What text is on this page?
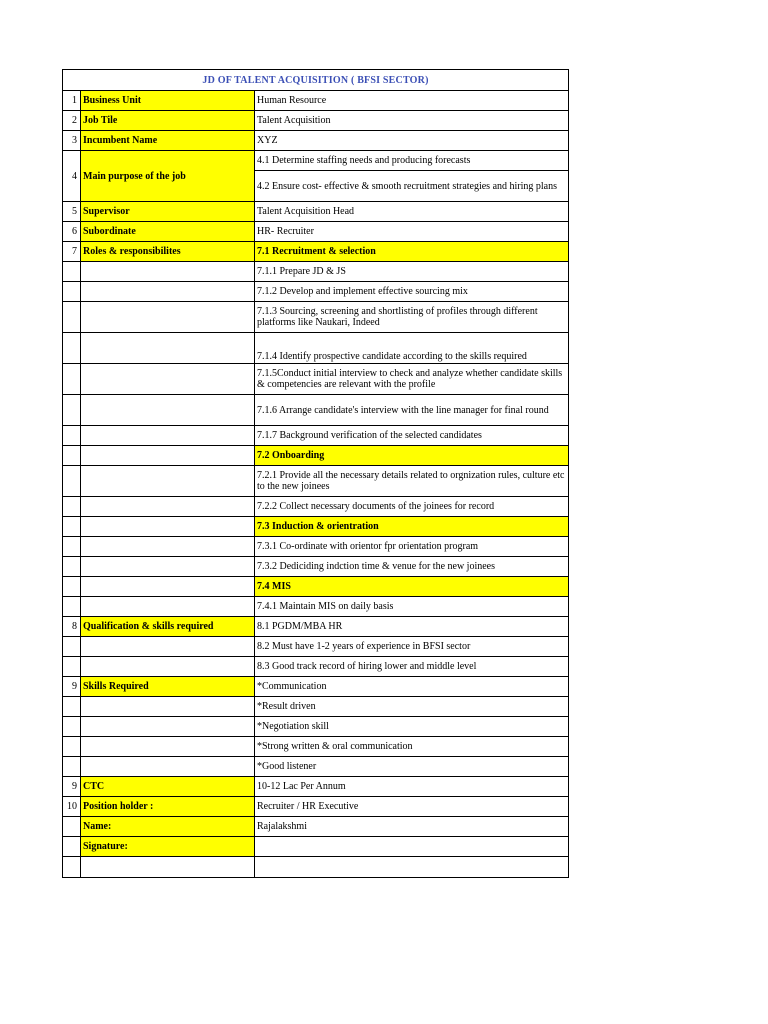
JD OF TALENT ACQUISITION ( BFSI SECTOR)		
1	Business Unit	Human Resource
2	Job Tile	Talent Acquisition
3	Incumbent Name	XYZ
4	Main purpose of the job	4.1 Determine staffing needs and producing forecasts
		4.2 Ensure cost- effective & smooth recruitment strategies and hiring plans
5	Supervisor	Talent Acquisition Head
6	Subordinate	HR- Recruiter
7	Roles & responsibilites	7.1 Recruitment & selection
		7.1.1 Prepare JD & JS
		7.1.2 Develop and implement effective sourcing mix
		7.1.3 Sourcing, screening and shortlisting of profiles through different platforms like Naukari, Indeed
		7.1.4 Identify prospective candidate according to the skills required
		7.1.5Conduct initial interview to check and analyze whether candidate skills & competencies are relevant with the profile
		7.1.6 Arrange candidate's interview with the line manager for final round
		7.1.7 Background verification of the selected candidates
		7.2 Onboarding
		7.2.1 Provide all the necessary details related to orgnization rules, culture etc to the new joinees
		7.2.2 Collect necessary documents of the joinees for record
		7.3 Induction & orientration
		7.3.1 Co-ordinate with orientor fpr orientation program
		7.3.2 Dediciding indction time & venue for the new joinees
		7.4 MIS
		7.4.1 Maintain MIS on daily basis
8	Qualification & skills required	8.1 PGDM/MBA HR
		8.2 Must have 1-2 years of experience in BFSI sector
		8.3 Good track record of hiring lower and middle level
9	Skills Required	*Communication
		*Result driven
		*Negotiation skill
		*Strong written & oral communication
		*Good listener
9	CTC	10-12 Lac Per Annum
10	Position holder :	Recruiter / HR Executive
	Name:	Rajalakshmi
	Signature:	
